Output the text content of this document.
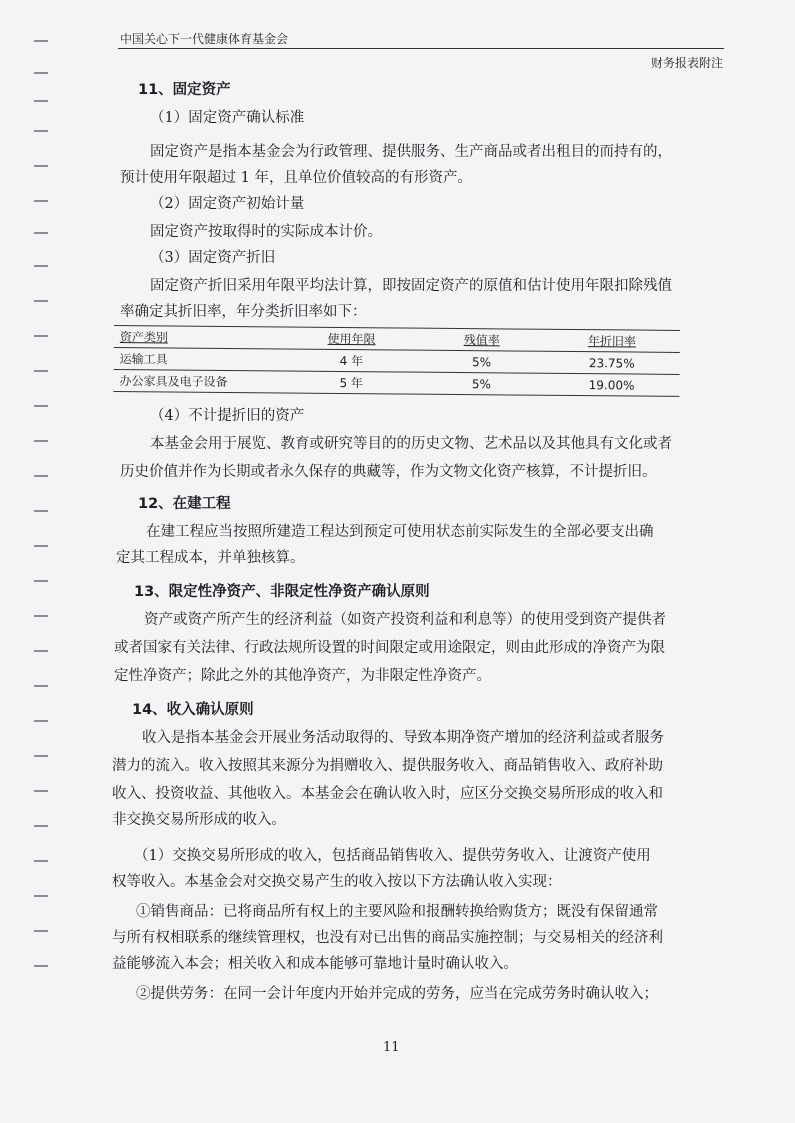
中国关心下一代健康体育基金会
财务报表附注
11、固定资产
（1）固定资产确认标准
固定资产是指本基金会为行政管理、提供服务、生产商品或者出租目的而持有的，
预计使用年限超过 1 年，且单位价值较高的有形资产。
（2）固定资产初始计量
固定资产按取得时的实际成本计价。
（3）固定资产折旧
固定资产折旧采用年限平均法计算，即按固定资产的原值和估计使用年限扣除残值
率确定其折旧率，年分类折旧率如下：
资产类别	使用年限	残值率	年折旧率
运输工具	4 年	5%	23.75%
办公家具及电子设备	5 年	5%	19.00%
（4）不计提折旧的资产
本基金会用于展览、教育或研究等目的的历史文物、艺术品以及其他具有文化或者
历史价值并作为长期或者永久保存的典藏等，作为文物文化资产核算，不计提折旧。
12、在建工程
在建工程应当按照所建造工程达到预定可使用状态前实际发生的全部必要支出确
定其工程成本，并单独核算。
13、限定性净资产、非限定性净资产确认原则
资产或资产所产生的经济利益（如资产投资利益和利息等）的使用受到资产提供者
或者国家有关法律、行政法规所设置的时间限定或用途限定，则由此形成的净资产为限
定性净资产；除此之外的其他净资产，为非限定性净资产。
14、收入确认原则
收入是指本基金会开展业务活动取得的、导致本期净资产增加的经济利益或者服务
潜力的流入。收入按照其来源分为捐赠收入、提供服务收入、商品销售收入、政府补助
收入、投资收益、其他收入。本基金会在确认收入时，应区分交换交易所形成的收入和
非交换交易所形成的收入。
（1）交换交易所形成的收入，包括商品销售收入、提供劳务收入、让渡资产使用
权等收入。本基金会对交换交易产生的收入按以下方法确认收入实现：
①销售商品：已将商品所有权上的主要风险和报酬转换给购货方；既没有保留通常
与所有权相联系的继续管理权，也没有对已出售的商品实施控制；与交易相关的经济利
益能够流入本会；相关收入和成本能够可靠地计量时确认收入。
②提供劳务：在同一会计年度内开始并完成的劳务，应当在完成劳务时确认收入；
11
